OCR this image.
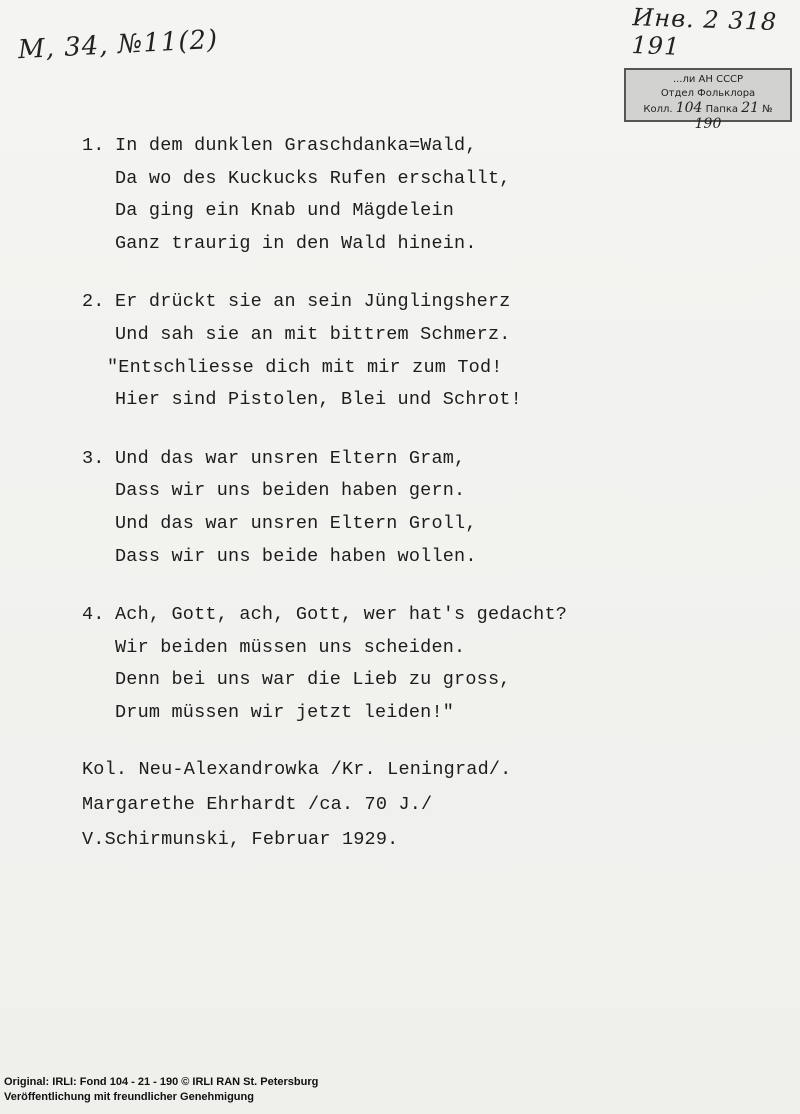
M, 34, №11(2)
Инв. 2 318 191
...ли АН СССР
Отдел Фольклора
Колл. 104 Папка 21 № 190
1. In dem dunklen Graschdanka=Wald,
Da wo des Kuckucks Rufen erschallt,
Da ging ein Knab und Mägdelein
Ganz traurig in den Wald hinein.
2. Er drückt sie an sein Jünglingsherz
Und sah sie an mit bittrem Schmerz.
"Entschliesse dich mit mir zum Tod!
Hier sind Pistolen, Blei und Schrot!
3. Und das war unsren Eltern Gram,
Dass wir uns beiden haben gern.
Und das war unsren Eltern Groll,
Dass wir uns beide haben wollen.
4. Ach, Gott, ach, Gott, wer hat's gedacht?
Wir beiden müssen uns scheiden.
Denn bei uns war die Lieb zu gross,
Drum müssen wir jetzt leiden!"
Kol. Neu-Alexandrowka /Kr. Leningrad/.
Margarethe Ehrhardt /ca. 70 J./
V.Schirmunski, Februar 1929.
Original: IRLI: Fond 104 - 21 - 190 © IRLI RAN St. Petersburg
Veröffentlichung mit freundlicher Genehmigung
